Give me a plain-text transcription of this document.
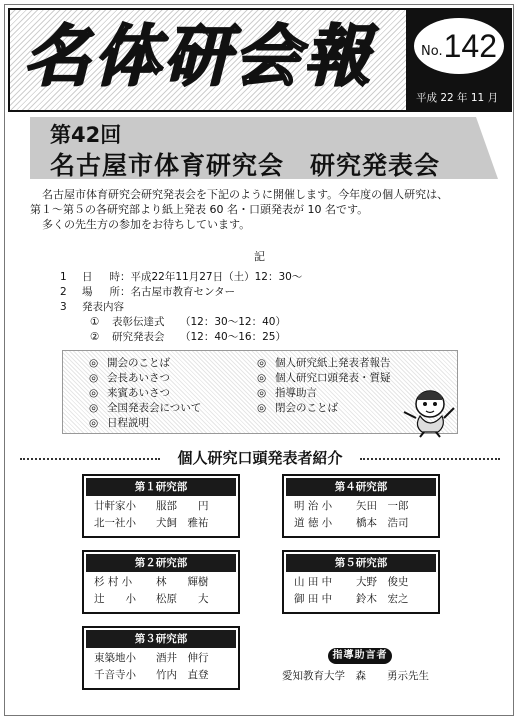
名体研会報	No. 142
平成 22 年 11 月
第42回
名古屋市体育研究会　研究発表会

名古屋市体育研究会研究発表会を下記のように開催します。今年度の個人研究は、

第１～第５の各研究部より紙上発表 60 名・口頭発表が 10 名です。

多くの先生方の参加をお待ちしています。

記
1	日 時 ：平成22年11月27日（土）12：30～
2	場 所 ：名古屋市教育センター
3	発表内容
①	表彰伝達式	（12：30～12：40）
②	研究発表会	（12：40～16：25）
◎ 開会のことば
◎ 会長あいさつ
◎ 来賓あいさつ
◎ 全国発表会について
◎ 日程説明
◎ 個人研究紙上発表者報告
◎ 個人研究口頭発表・質疑
◎ 指導助言
◎ 閉会のことば
個人研究口頭発表者紹介
第１研究部
廿軒家小	服部　　円
北一社小	犬飼　雅祐
第２研究部
杉 村 小	林　　輝樹
辻　　小	松原　　大
第３研究部
東築地小	酒井　伸行
千音寺小	竹内　直登
第４研究部
明 治 小	矢田　一郎
道 徳 小	橋本　浩司
第５研究部
山 田 中	大野　俊史
御 田 中	鈴木　宏之
指導助言者
愛知教育大学　森　　勇示先生
